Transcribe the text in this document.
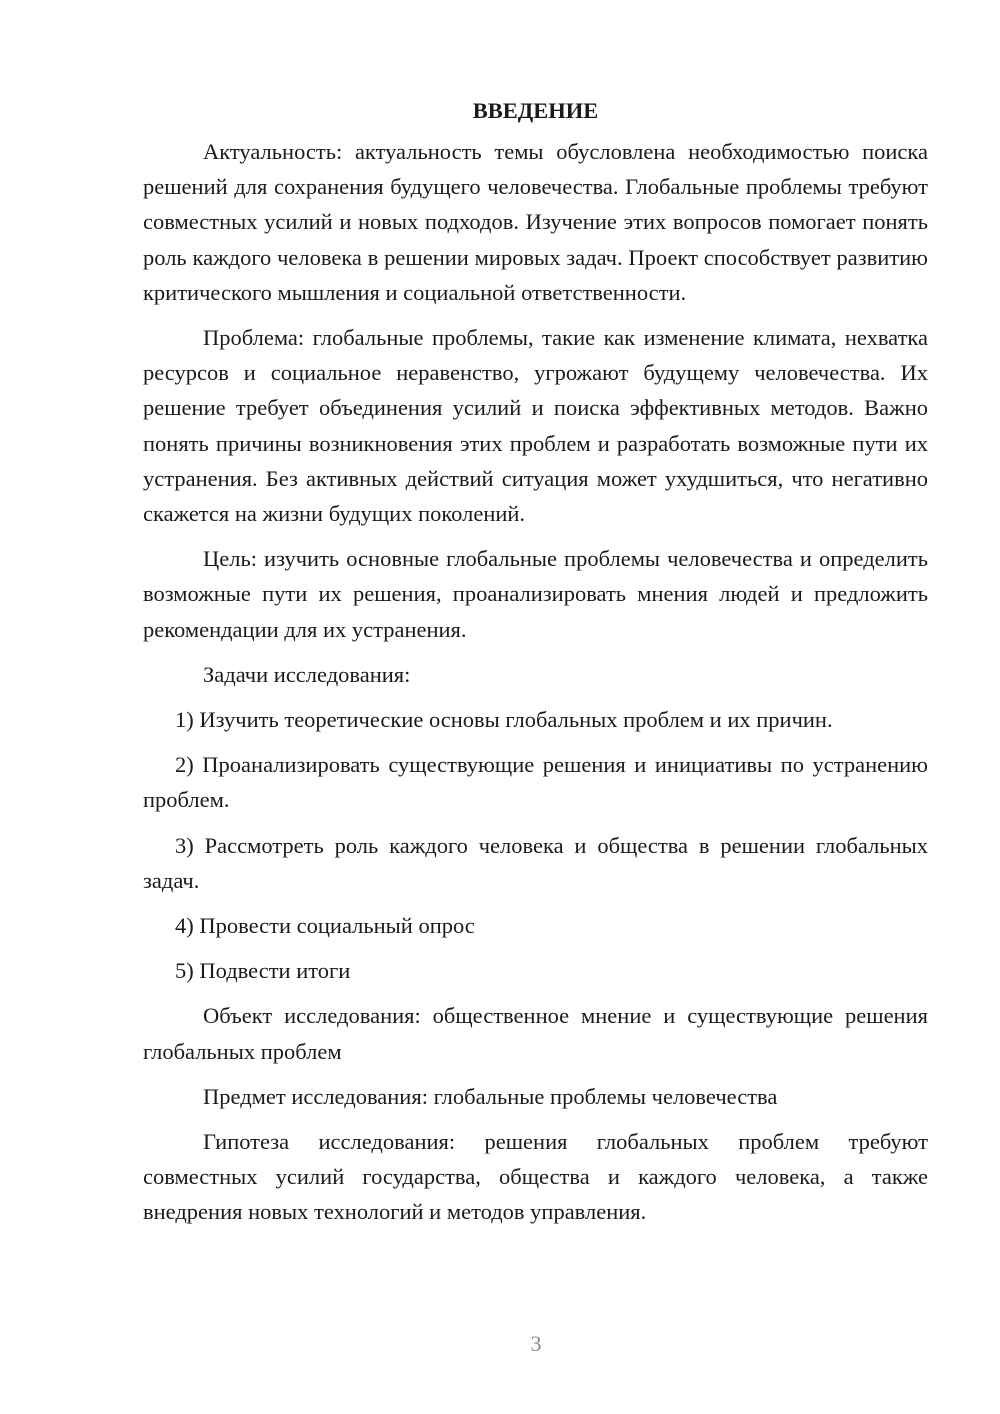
ВВЕДЕНИЕ

Актуальность: актуальность темы обусловлена необходимостью поиска решений для сохранения будущего человечества. Глобальные проблемы требуют совместных усилий и новых подходов. Изучение этих вопросов помогает понять роль каждого человека в решении мировых задач. Проект способствует развитию критического мышления и социальной ответственности.

Проблема: глобальные проблемы, такие как изменение климата, нехватка ресурсов и социальное неравенство, угрожают будущему человечества. Их решение требует объединения усилий и поиска эффективных методов. Важно понять причины возникновения этих проблем и разработать возможные пути их устранения. Без активных действий ситуация может ухудшиться, что негативно скажется на жизни будущих поколений.

Цель: изучить основные глобальные проблемы человечества и определить возможные пути их решения, проанализировать мнения людей и предложить рекомендации для их устранения.

Задачи исследования:

1) Изучить теоретические основы глобальных проблем и их причин.

2) Проанализировать существующие решения и инициативы по устранению проблем.

3) Рассмотреть роль каждого человека и общества в решении глобальных задач.

4) Провести социальный опрос

5) Подвести итоги

Объект исследования: общественное мнение и существующие решения глобальных проблем

Предмет исследования: глобальные проблемы человечества

Гипотеза исследования: решения глобальных проблем требуют совместных усилий государства, общества и каждого человека, а также внедрения новых технологий и методов управления.

3
